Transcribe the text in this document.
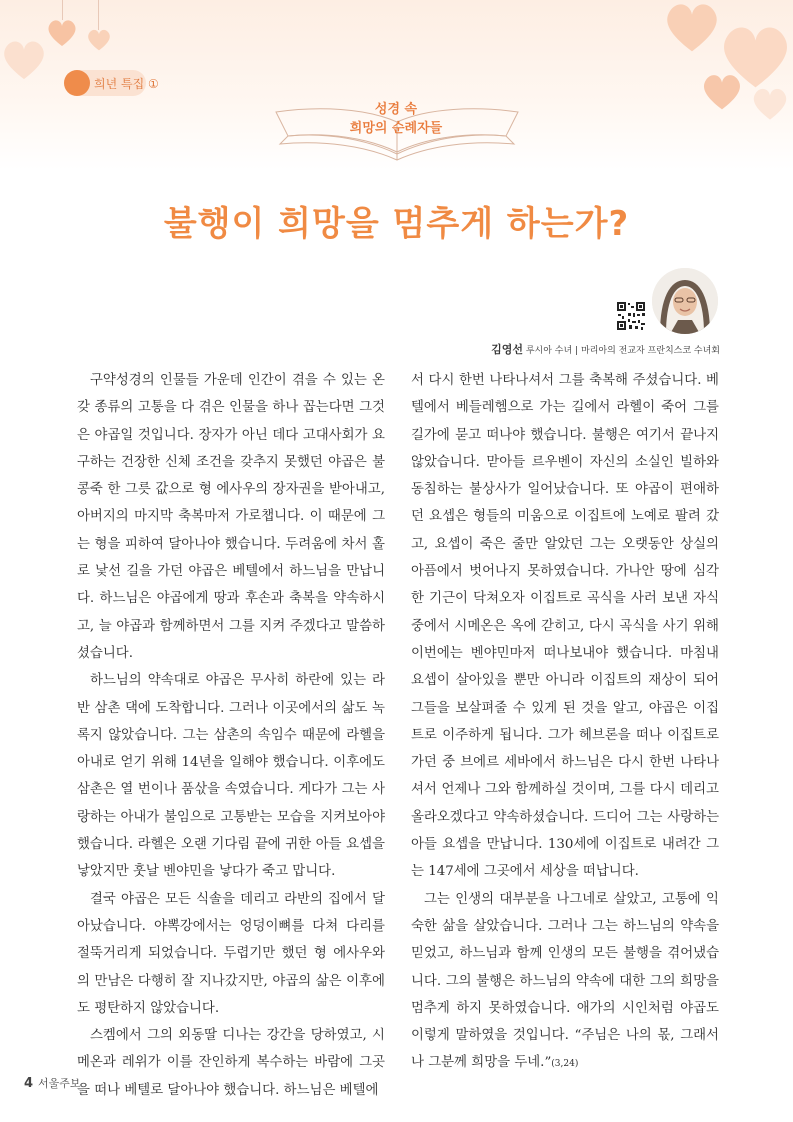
희년 특집 ①
성경 속
희망의 순례자들
불행이 희망을 멈추게 하는가?
김영선 루시아 수녀 | 마리아의 전교자 프란치스코 수녀회

구약성경의 인물들 가운데 인간이 겪을 수 있는 온갖 종류의 고통을 다 겪은 인물을 하나 꼽는다면 그것은 야곱일 것입니다. 장자가 아닌 데다 고대사회가 요구하는 건장한 신체 조건을 갖추지 못했던 야곱은 불콩죽 한 그릇 값으로 형 에사우의 장자권을 받아내고, 아버지의 마지막 축복마저 가로챕니다. 이 때문에 그는 형을 피하여 달아나야 했습니다. 두려움에 차서 홀로 낯선 길을 가던 야곱은 베텔에서 하느님을 만납니다. 하느님은 야곱에게 땅과 후손과 축복을 약속하시고, 늘 야곱과 함께하면서 그를 지켜 주겠다고 말씀하셨습니다.

하느님의 약속대로 야곱은 무사히 하란에 있는 라반 삼촌 댁에 도착합니다. 그러나 이곳에서의 삶도 녹록지 않았습니다. 그는 삼촌의 속임수 때문에 라헬을 아내로 얻기 위해 14년을 일해야 했습니다. 이후에도 삼촌은 열 번이나 품삯을 속였습니다. 게다가 그는 사랑하는 아내가 불임으로 고통받는 모습을 지켜보아야 했습니다. 라헬은 오랜 기다림 끝에 귀한 아들 요셉을 낳았지만 훗날 벤야민을 낳다가 죽고 맙니다.

결국 야곱은 모든 식솔을 데리고 라반의 집에서 달아났습니다. 야뽁강에서는 엉덩이뼈를 다쳐 다리를 절뚝거리게 되었습니다. 두렵기만 했던 형 에사우와의 만남은 다행히 잘 지나갔지만, 야곱의 삶은 이후에도 평탄하지 않았습니다.

스켐에서 그의 외동딸 디나는 강간을 당하였고, 시메온과 레위가 이를 잔인하게 복수하는 바람에 그곳을 떠나 베텔로 달아나야 했습니다. 하느님은 베텔에

서 다시 한번 나타나셔서 그를 축복해 주셨습니다. 베텔에서 베들레헴으로 가는 길에서 라헬이 죽어 그를 길가에 묻고 떠나야 했습니다. 불행은 여기서 끝나지 않았습니다. 맏아들 르우벤이 자신의 소실인 빌하와 동침하는 불상사가 일어났습니다. 또 야곱이 편애하던 요셉은 형들의 미움으로 이집트에 노예로 팔려 갔고, 요셉이 죽은 줄만 알았던 그는 오랫동안 상실의 아픔에서 벗어나지 못하였습니다. 가나안 땅에 심각한 기근이 닥쳐오자 이집트로 곡식을 사러 보낸 자식 중에서 시메온은 옥에 갇히고, 다시 곡식을 사기 위해 이번에는 벤야민마저 떠나보내야 했습니다. 마침내 요셉이 살아있을 뿐만 아니라 이집트의 재상이 되어 그들을 보살펴줄 수 있게 된 것을 알고, 야곱은 이집트로 이주하게 됩니다. 그가 헤브론을 떠나 이집트로 가던 중 브에르 세바에서 하느님은 다시 한번 나타나셔서 언제나 그와 함께하실 것이며, 그를 다시 데리고 올라오겠다고 약속하셨습니다. 드디어 그는 사랑하는 아들 요셉을 만납니다. 130세에 이집트로 내려간 그는 147세에 그곳에서 세상을 떠납니다.

그는 인생의 대부분을 나그네로 살았고, 고통에 익숙한 삶을 살았습니다. 그러나 그는 하느님의 약속을 믿었고, 하느님과 함께 인생의 모든 불행을 겪어냈습니다. 그의 불행은 하느님의 약속에 대한 그의 희망을 멈추게 하지 못하였습니다. 애가의 시인처럼 야곱도 이렇게 말하였을 것입니다. “주님은 나의 몫, 그래서 나 그분께 희망을 두네.”(3,24)

4 서울주보
